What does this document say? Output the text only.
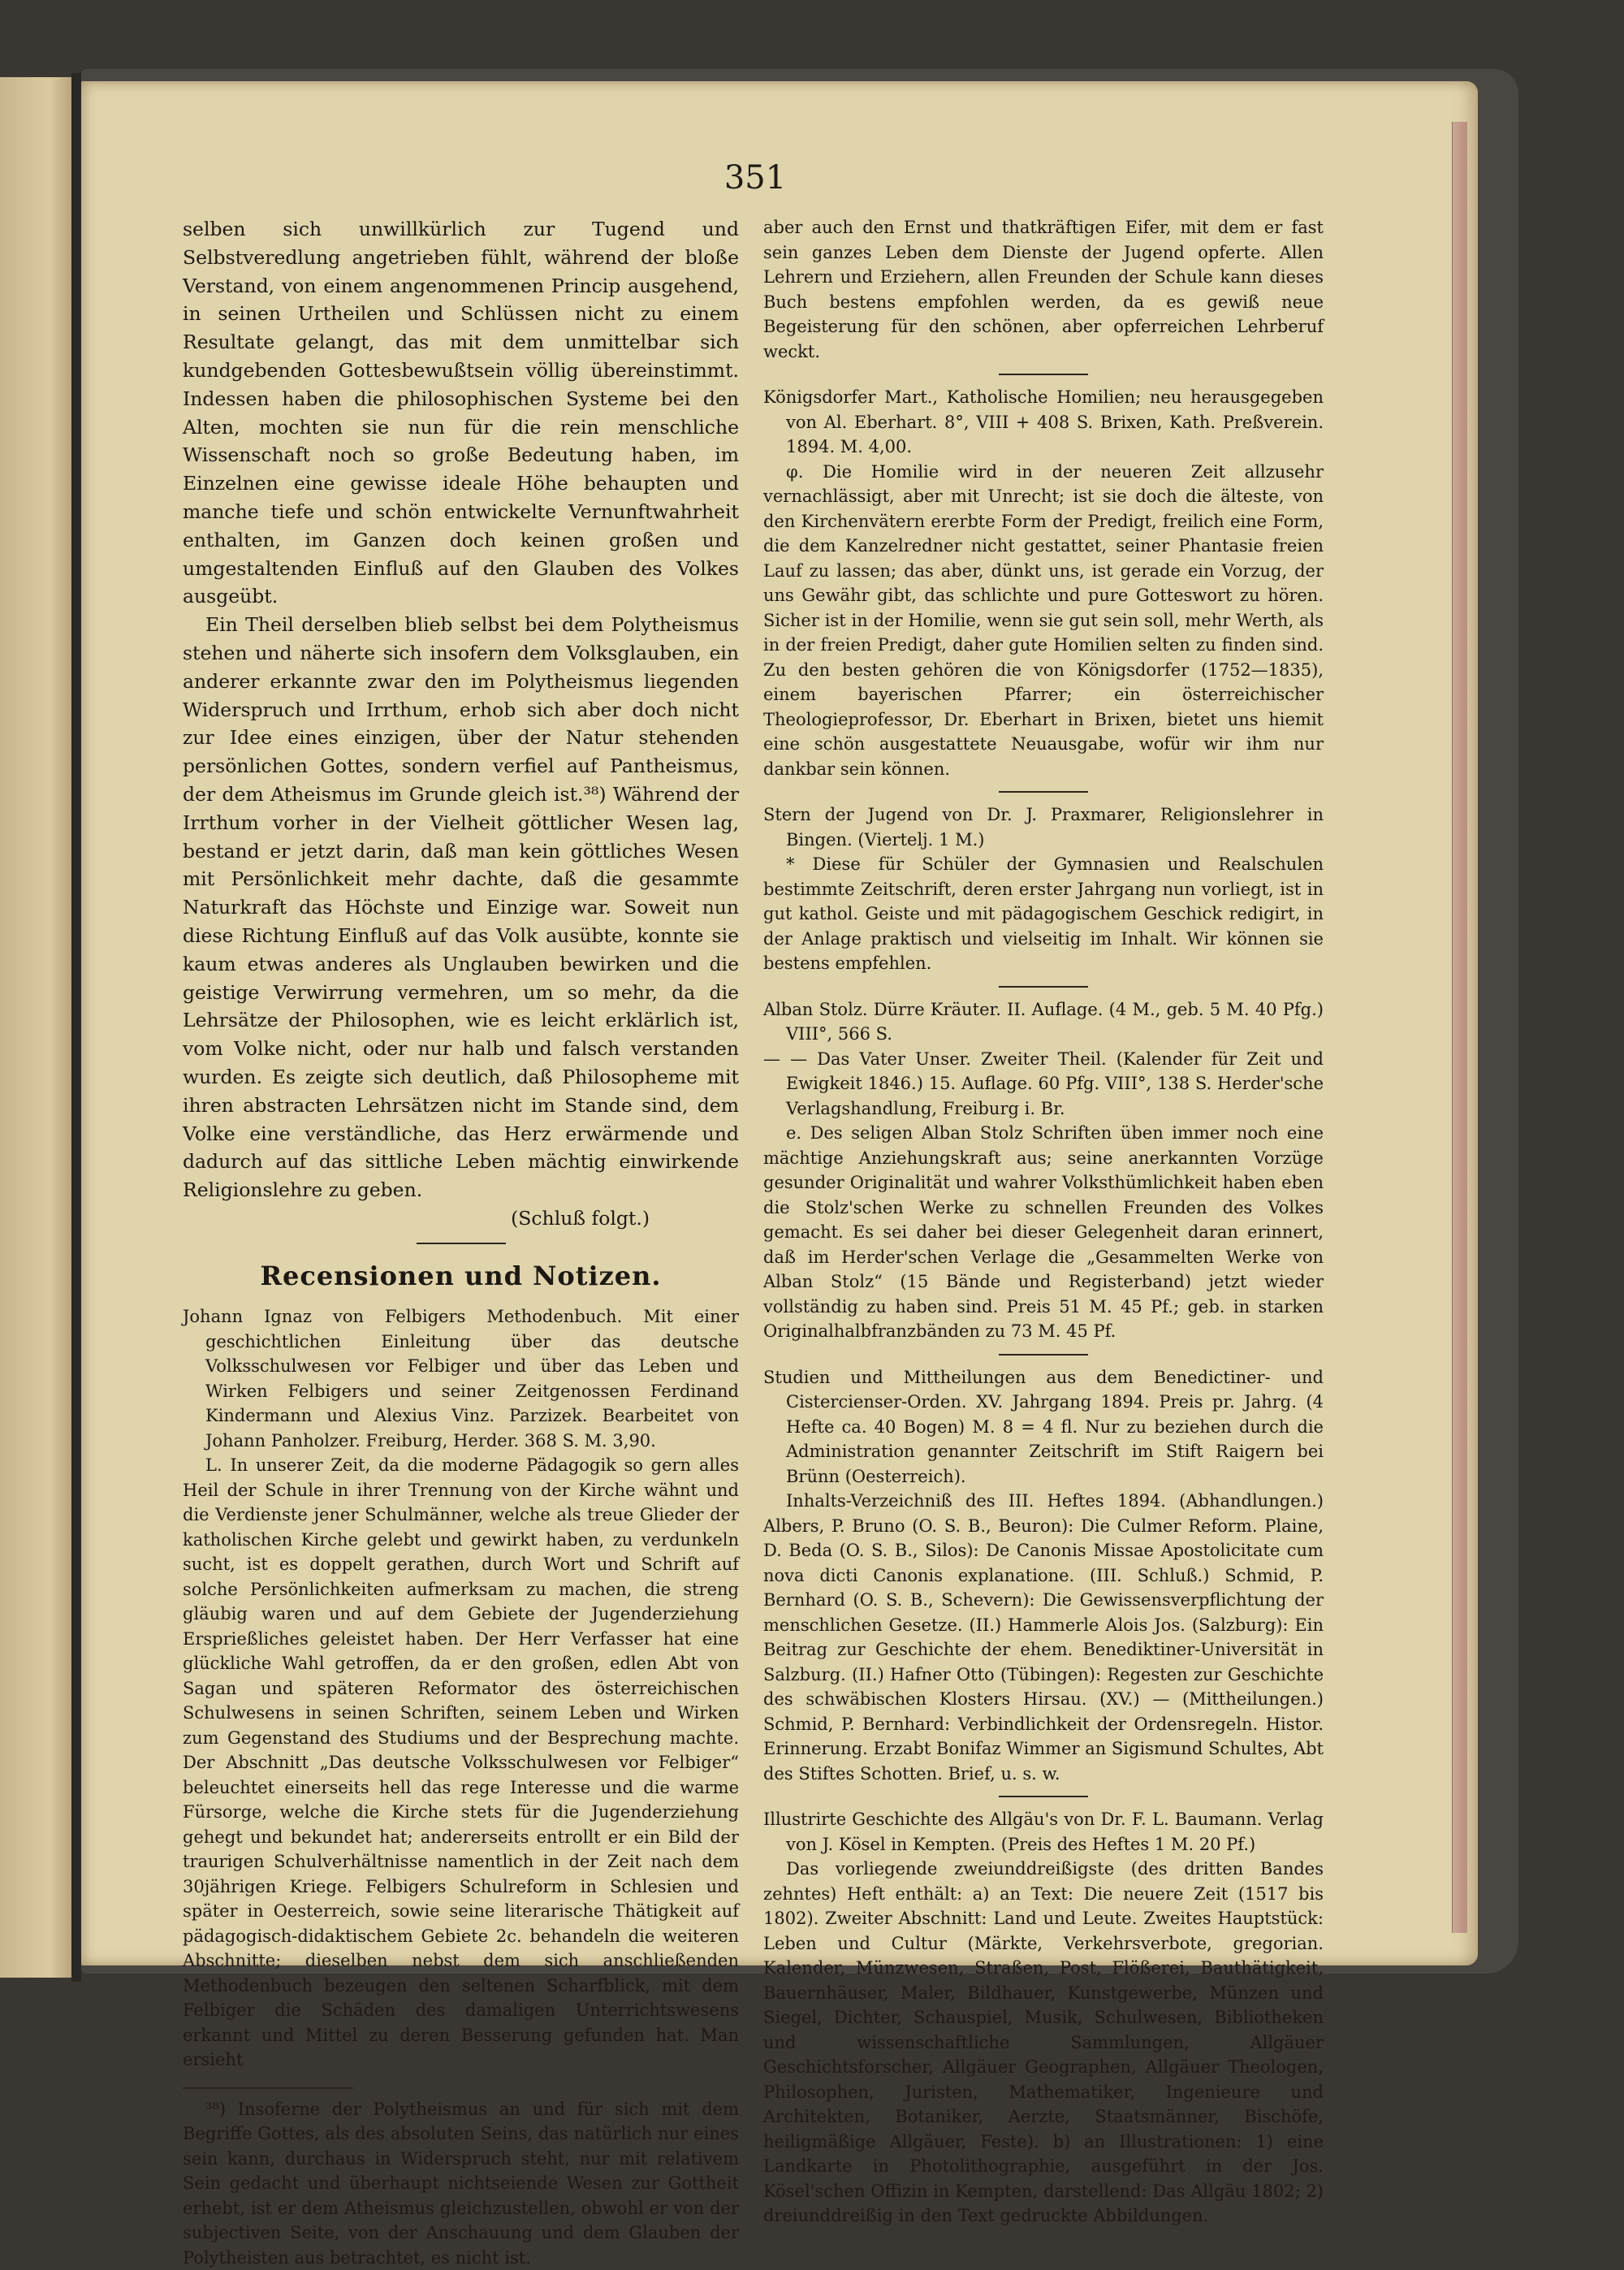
351

selben sich unwillkürlich zur Tugend und Selbstveredlung angetrieben fühlt, während der bloße Verstand, von einem angenommenen Princip ausgehend, in seinen Urtheilen und Schlüssen nicht zu einem Resultate gelangt, das mit dem unmittelbar sich kundgebenden Gottesbewußtsein völlig übereinstimmt. Indessen haben die philosophischen Systeme bei den Alten, mochten sie nun für die rein menschliche Wissenschaft noch so große Bedeutung haben, im Einzelnen eine gewisse ideale Höhe behaupten und manche tiefe und schön entwickelte Vernunftwahrheit enthalten, im Ganzen doch keinen großen und umgestaltenden Einfluß auf den Glauben des Volkes ausgeübt.

Ein Theil derselben blieb selbst bei dem Polytheismus stehen und näherte sich insofern dem Volksglauben, ein anderer erkannte zwar den im Polytheismus liegenden Widerspruch und Irrthum, erhob sich aber doch nicht zur Idee eines einzigen, über der Natur stehenden persönlichen Gottes, sondern verfiel auf Pantheismus, der dem Atheismus im Grunde gleich ist.³⁸) Während der Irrthum vorher in der Vielheit göttlicher Wesen lag, bestand er jetzt darin, daß man kein göttliches Wesen mit Persönlichkeit mehr dachte, daß die gesammte Naturkraft das Höchste und Einzige war. Soweit nun diese Richtung Einfluß auf das Volk ausübte, konnte sie kaum etwas anderes als Unglauben bewirken und die geistige Verwirrung vermehren, um so mehr, da die Lehrsätze der Philosophen, wie es leicht erklärlich ist, vom Volke nicht, oder nur halb und falsch verstanden wurden. Es zeigte sich deutlich, daß Philosopheme mit ihren abstracten Lehrsätzen nicht im Stande sind, dem Volke eine verständliche, das Herz erwärmende und dadurch auf das sittliche Leben mächtig einwirkende Religionslehre zu geben.

(Schluß folgt.)

Recensionen und Notizen.

Johann Ignaz von Felbigers Methodenbuch. Mit einer geschichtlichen Einleitung über das deutsche Volksschulwesen vor Felbiger und über das Leben und Wirken Felbigers und seiner Zeitgenossen Ferdinand Kindermann und Alexius Vinz. Parzizek. Bearbeitet von Johann Panholzer. Freiburg, Herder. 368 S. M. 3,90.

L. In unserer Zeit, da die moderne Pädagogik so gern alles Heil der Schule in ihrer Trennung von der Kirche wähnt und die Verdienste jener Schulmänner, welche als treue Glieder der katholischen Kirche gelebt und gewirkt haben, zu verdunkeln sucht, ist es doppelt gerathen, durch Wort und Schrift auf solche Persönlichkeiten aufmerksam zu machen, die streng gläubig waren und auf dem Gebiete der Jugenderziehung Ersprießliches geleistet haben. Der Herr Verfasser hat eine glückliche Wahl getroffen, da er den großen, edlen Abt von Sagan und späteren Reformator des österreichischen Schulwesens in seinen Schriften, seinem Leben und Wirken zum Gegenstand des Studiums und der Besprechung machte. Der Abschnitt „Das deutsche Volksschulwesen vor Felbiger“ beleuchtet einerseits hell das rege Interesse und die warme Fürsorge, welche die Kirche stets für die Jugenderziehung gehegt und bekundet hat; andererseits entrollt er ein Bild der traurigen Schulverhältnisse namentlich in der Zeit nach dem 30jährigen Kriege. Felbigers Schulreform in Schlesien und später in Oesterreich, sowie seine literarische Thätigkeit auf pädagogisch-didaktischem Gebiete 2c. behandeln die weiteren Abschnitte; dieselben nebst dem sich anschließenden Methodenbuch bezeugen den seltenen Scharfblick, mit dem Felbiger die Schäden des damaligen Unterrichtswesens erkannt und Mittel zu deren Besserung gefunden hat. Man ersieht

³⁸) Insoferne der Polytheismus an und für sich mit dem Begriffe Gottes, als des absoluten Seins, das natürlich nur eines sein kann, durchaus in Widerspruch steht, nur mit relativem Sein gedacht und überhaupt nichtseiende Wesen zur Gottheit erhebt, ist er dem Atheismus gleichzustellen, obwohl er von der subjectiven Seite, von der Anschauung und dem Glauben der Polytheisten aus betrachtet, es nicht ist.

aber auch den Ernst und thatkräftigen Eifer, mit dem er fast sein ganzes Leben dem Dienste der Jugend opferte. Allen Lehrern und Erziehern, allen Freunden der Schule kann dieses Buch bestens empfohlen werden, da es gewiß neue Begeisterung für den schönen, aber opferreichen Lehrberuf weckt.

Königsdorfer Mart., Katholische Homilien; neu herausgegeben von Al. Eberhart. 8°, VIII + 408 S. Brixen, Kath. Preßverein. 1894. M. 4,00.

φ. Die Homilie wird in der neueren Zeit allzusehr vernachlässigt, aber mit Unrecht; ist sie doch die älteste, von den Kirchenvätern ererbte Form der Predigt, freilich eine Form, die dem Kanzelredner nicht gestattet, seiner Phantasie freien Lauf zu lassen; das aber, dünkt uns, ist gerade ein Vorzug, der uns Gewähr gibt, das schlichte und pure Gotteswort zu hören. Sicher ist in der Homilie, wenn sie gut sein soll, mehr Werth, als in der freien Predigt, daher gute Homilien selten zu finden sind. Zu den besten gehören die von Königsdorfer (1752—1835), einem bayerischen Pfarrer; ein österreichischer Theologieprofessor, Dr. Eberhart in Brixen, bietet uns hiemit eine schön ausgestattete Neuausgabe, wofür wir ihm nur dankbar sein können.

Stern der Jugend von Dr. J. Praxmarer, Religionslehrer in Bingen. (Viertelj. 1 M.)

* Diese für Schüler der Gymnasien und Realschulen bestimmte Zeitschrift, deren erster Jahrgang nun vorliegt, ist in gut kathol. Geiste und mit pädagogischem Geschick redigirt, in der Anlage praktisch und vielseitig im Inhalt. Wir können sie bestens empfehlen.

Alban Stolz. Dürre Kräuter. II. Auflage. (4 M., geb. 5 M. 40 Pfg.) VIII°, 566 S.

— — Das Vater Unser. Zweiter Theil. (Kalender für Zeit und Ewigkeit 1846.) 15. Auflage. 60 Pfg. VIII°, 138 S. Herder'sche Verlagshandlung, Freiburg i. Br.

e. Des seligen Alban Stolz Schriften üben immer noch eine mächtige Anziehungskraft aus; seine anerkannten Vorzüge gesunder Originalität und wahrer Volksthümlichkeit haben eben die Stolz'schen Werke zu schnellen Freunden des Volkes gemacht. Es sei daher bei dieser Gelegenheit daran erinnert, daß im Herder'schen Verlage die „Gesammelten Werke von Alban Stolz“ (15 Bände und Registerband) jetzt wieder vollständig zu haben sind. Preis 51 M. 45 Pf.; geb. in starken Originalhalbfranzbänden zu 73 M. 45 Pf.

Studien und Mittheilungen aus dem Benedictiner- und Cistercienser-Orden. XV. Jahrgang 1894. Preis pr. Jahrg. (4 Hefte ca. 40 Bogen) M. 8 = 4 fl. Nur zu beziehen durch die Administration genannter Zeitschrift im Stift Raigern bei Brünn (Oesterreich).

Inhalts-Verzeichniß des III. Heftes 1894. (Abhandlungen.) Albers, P. Bruno (O. S. B., Beuron): Die Culmer Reform. Plaine, D. Beda (O. S. B., Silos): De Canonis Missae Apostolicitate cum nova dicti Canonis explanatione. (III. Schluß.) Schmid, P. Bernhard (O. S. B., Schevern): Die Gewissensverpflichtung der menschlichen Gesetze. (II.) Hammerle Alois Jos. (Salzburg): Ein Beitrag zur Geschichte der ehem. Benediktiner-Universität in Salzburg. (II.) Hafner Otto (Tübingen): Regesten zur Geschichte des schwäbischen Klosters Hirsau. (XV.) — (Mittheilungen.) Schmid, P. Bernhard: Verbindlichkeit der Ordensregeln. Histor. Erinnerung. Erzabt Bonifaz Wimmer an Sigismund Schultes, Abt des Stiftes Schotten. Brief, u. s. w.

Illustrirte Geschichte des Allgäu's von Dr. F. L. Baumann. Verlag von J. Kösel in Kempten. (Preis des Heftes 1 M. 20 Pf.)

Das vorliegende zweiunddreißigste (des dritten Bandes zehntes) Heft enthält: a) an Text: Die neuere Zeit (1517 bis 1802). Zweiter Abschnitt: Land und Leute. Zweites Hauptstück: Leben und Cultur (Märkte, Verkehrsverbote, gregorian. Kalender, Münzwesen, Straßen, Post, Flößerei, Bauthätigkeit, Bauernhäuser, Maler, Bildhauer, Kunstgewerbe, Münzen und Siegel, Dichter, Schauspiel, Musik, Schulwesen, Bibliotheken und wissenschaftliche Sammlungen, Allgäuer Geschichtsforscher, Allgäuer Geographen, Allgäuer Theologen, Philosophen, Juristen, Mathematiker, Ingenieure und Architekten, Botaniker, Aerzte, Staatsmänner, Bischöfe, heiligmäßige Allgäuer, Feste). b) an Illustrationen: 1) eine Landkarte in Photolithographie, ausgeführt in der Jos. Kösel'schen Offizin in Kempten, darstellend: Das Allgäu 1802; 2) dreiunddreißig in den Text gedruckte Abbildungen.
